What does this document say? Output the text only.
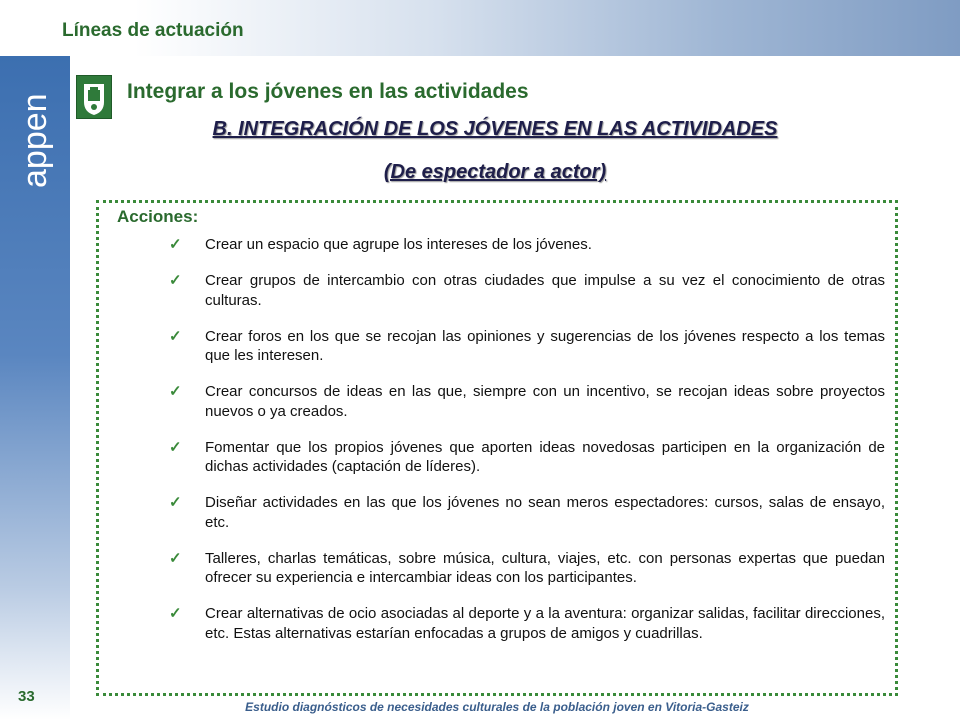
Líneas de actuación
appen
Integrar a los jóvenes en las actividades
B. INTEGRACIÓN DE LOS JÓVENES EN LAS ACTIVIDADES
(De espectador a actor)
Acciones:
✓ Crear un espacio que agrupe los intereses de los jóvenes.
✓ Crear grupos de intercambio con otras ciudades que impulse a su vez el conocimiento de otras culturas.
✓ Crear foros en los que se recojan las opiniones y sugerencias de los jóvenes respecto a los temas que les interesen.
✓ Crear concursos de ideas en las que, siempre con un incentivo, se recojan ideas sobre proyectos nuevos o ya creados.
✓ Fomentar que los propios jóvenes que aporten ideas novedosas participen en la organización de dichas actividades (captación de líderes).
✓ Diseñar actividades en las que los jóvenes no sean meros espectadores: cursos, salas de ensayo, etc.
✓ Talleres, charlas temáticas, sobre música, cultura, viajes, etc. con personas expertas que puedan ofrecer su experiencia e intercambiar ideas con los participantes.
✓ Crear alternativas de ocio asociadas al deporte y a la aventura: organizar salidas, facilitar direcciones, etc. Estas alternativas estarían enfocadas a grupos de amigos y cuadrillas.
33
Estudio diagnósticos de necesidades culturales de la población joven en Vitoria-Gasteiz
